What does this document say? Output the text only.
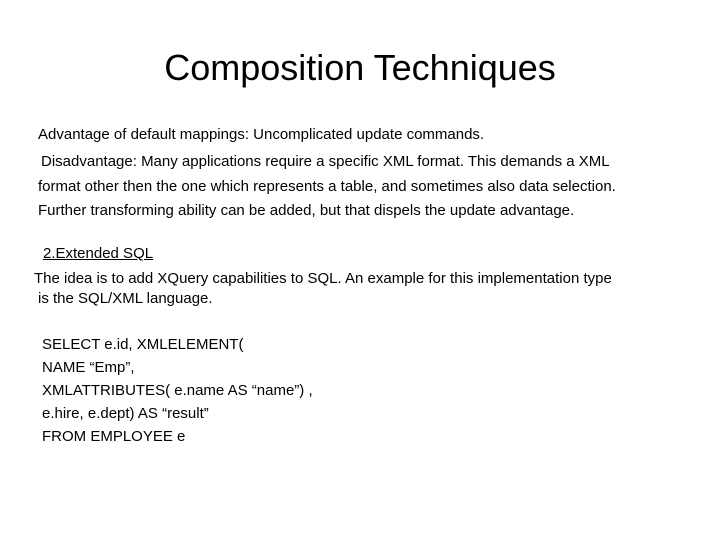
Composition Techniques
Advantage of default mappings: Uncomplicated update commands.
Disadvantage: Many applications require a specific XML format. This demands a XML
format other then the one which represents a table, and sometimes also data selection.
Further transforming ability can be added, but that dispels the update advantage.
2.Extended SQL
The idea is to add XQuery capabilities to SQL. An example for this implementation type
is the SQL/XML language.
SELECT e.id, XMLELEMENT(
NAME “Emp”,
XMLATTRIBUTES( e.name AS “name”) ,
e.hire, e.dept) AS “result”
FROM EMPLOYEE e
